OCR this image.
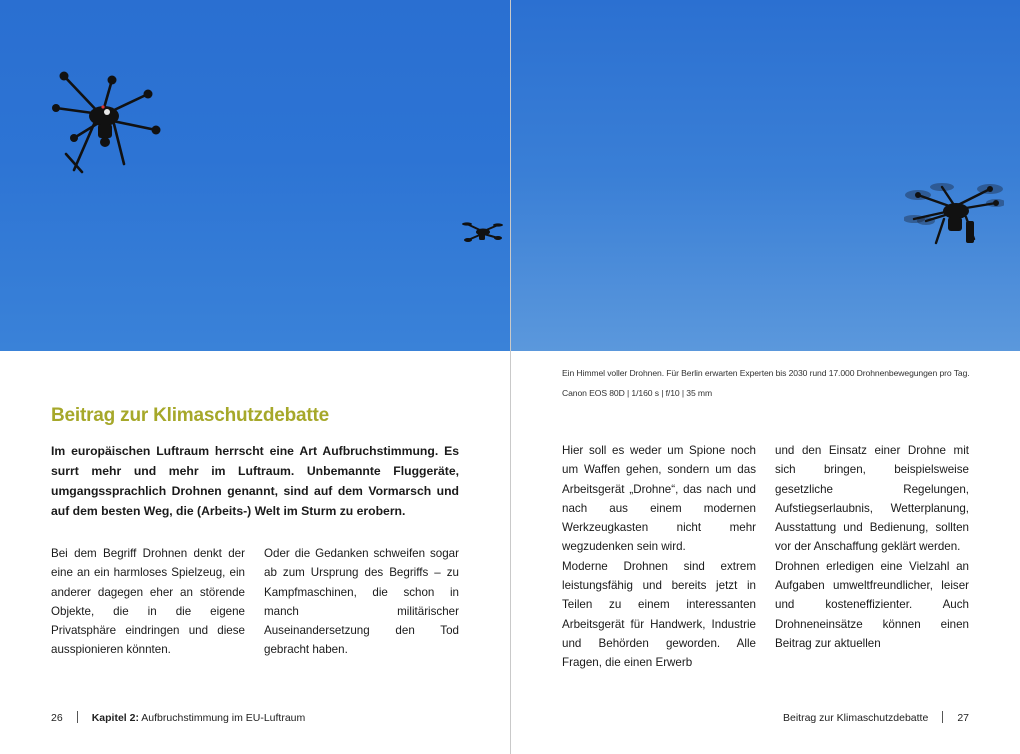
Beitrag zur Klimaschutzdebatte

Im europäischen Luftraum herrscht eine Art Aufbruchstimmung. Es surrt mehr und mehr im Luftraum. Unbemannte Fluggeräte, umgangssprachlich Drohnen genannt, sind auf dem Vormarsch und auf dem besten Weg, die (Arbeits-) Welt im Sturm zu erobern.

Bei dem Begriff Drohnen denkt der eine an ein harmloses Spielzeug, ein anderer dagegen eher an störende Objekte, die in die eigene Privatsphäre eindringen und diese ausspionieren könnten.

Oder die Gedanken schweifen sogar ab zum Ursprung des Begriffs – zu Kampfmaschinen, die schon in manch militärischer Auseinandersetzung den Tod gebracht haben.

26	Kapitel 2: Aufbruchstimmung im EU-Luftraum
Ein Himmel voller Drohnen. Für Berlin erwarten Experten bis 2030 rund 17.000 Drohnenbewegungen pro Tag.
Canon EOS 80D | 1/160 s | f/10 | 35 mm

Hier soll es weder um Spione noch um Waffen gehen, sondern um das Arbeitsgerät „Drohne“, das nach und nach aus einem modernen Werkzeugkasten nicht mehr wegzudenken sein wird.

Moderne Drohnen sind extrem leistungsfähig und bereits jetzt in Teilen zu einem interessanten Arbeitsgerät für Handwerk, Industrie und Behörden geworden. Alle Fragen, die einen Erwerb

und den Einsatz einer Drohne mit sich bringen, beispielsweise gesetzliche Regelungen, Aufstiegserlaubnis, Wetterplanung, Ausstattung und Bedienung, sollten vor der Anschaffung geklärt werden.

Drohnen erledigen eine Vielzahl an Aufgaben umweltfreundlicher, leiser und kosteneffizienter. Auch Drohneneinsätze können einen Beitrag zur aktuellen

Beitrag zur Klimaschutzdebatte	27
